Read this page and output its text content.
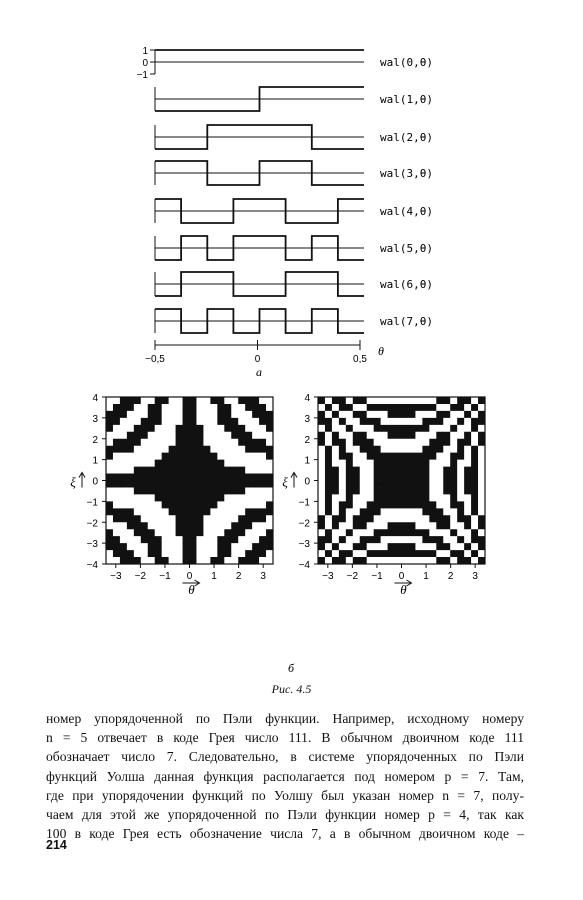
wal(0,θ)
wal(1,θ)
wal(2,θ)
wal(3,θ)
wal(4,θ)
wal(5,θ)
wal(6,θ)
wal(7,θ)
1
0
−1
−0,5	0	0,5
θ
а
4
3
2
1
0
−1
−2
−3
−4
−3 −2 −1 0 1 2 3
ξ
θ
4
3
2
1
0
−1
−2
−3
−4
−3 −2 −1 0 1 2 3
ξ
θ
б
Рис. 4.5
номер упорядоченной по Пэли функции. Например, исходному номеру
n = 5 отвечает в коде Грея число 111. В обычном двоичном коде 111
обозначает число 7. Следовательно, в системе упорядоченных по Пэли
функций Уолша данная функция располагается под номером p = 7. Там,
где при упорядочении функций по Уолшу был указан номер n = 7, полу-
чаем для этой же упорядоченной по Пэли функции номер p = 4, так как
100 в коде Грея есть обозначение числа 7, а в обычном двоичном коде –
214
